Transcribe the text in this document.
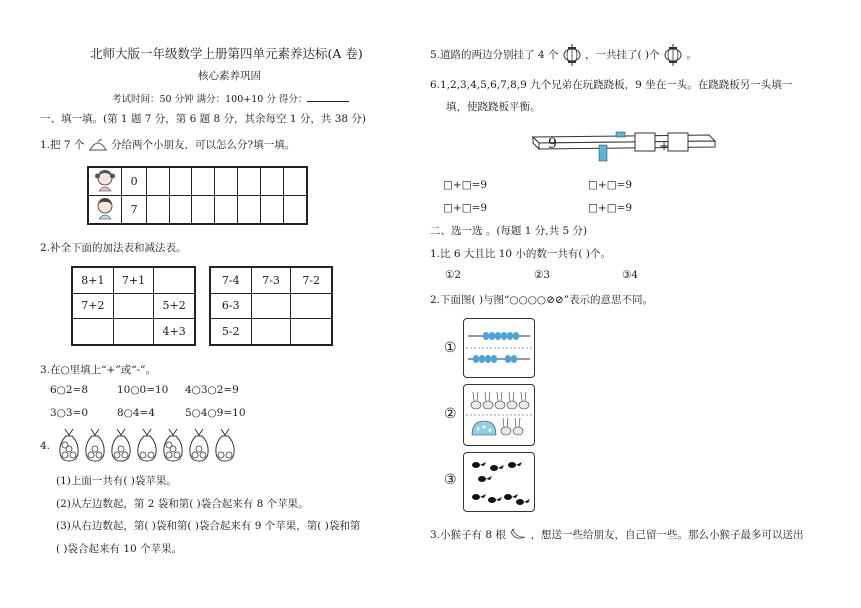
北师大版一年级数学上册第四单元素养达标(A 卷)
核心素养巩固
考试时间：50 分钟 满分：100+10 分 得分：
一、填一填。(第 1 题 7 分，第 6 题 8 分，其余每空 1 分，共 38 分)
1.把 7 个	分给两个小朋友，可以怎么分?填一填。
	0							
	7							
2.补全下面的加法表和减法表。
8+1	7+1	
7+2		5+2
		4+3
7-4	7-3	7-2
6-3		
5-2		
3.在○里填上“+”或“-”。
6○2=8	10○0=10 4○3○2=9
3○3=0	8○4=4	5○4○9=10
4.
(1)上面一共有( )袋苹果。
(2)从左边数起，第 2 袋和第( )袋合起来有 8 个苹果。
(3)从右边数起，第( )袋和第( )袋合起来有 9 个苹果，第( )袋和第
( )袋合起来有 10 个苹果。
5.道路的两边分别挂了 4 个	，一共挂了( )个	。
6.1,2,3,4,5,6,7,8,9 九个兄弟在玩跷跷板，9 坐在一头。在跷跷板另一头填一
填，使跷跷板平衡。
9	+
□+□=9	□+□=9
□+□=9	□+□=9
二、选一选 。(每题 1 分,共 5 分)
1.比 6 大且比 10 小的数一共有( )个。
①2	②3	③4
2.下面图( )与图“○○○○⊘⊘”表示的意思不同。
①
②
③
3.小猴子有 8 根 ，想送一些给朋友，自己留一些。那么小猴子最多可以送出
